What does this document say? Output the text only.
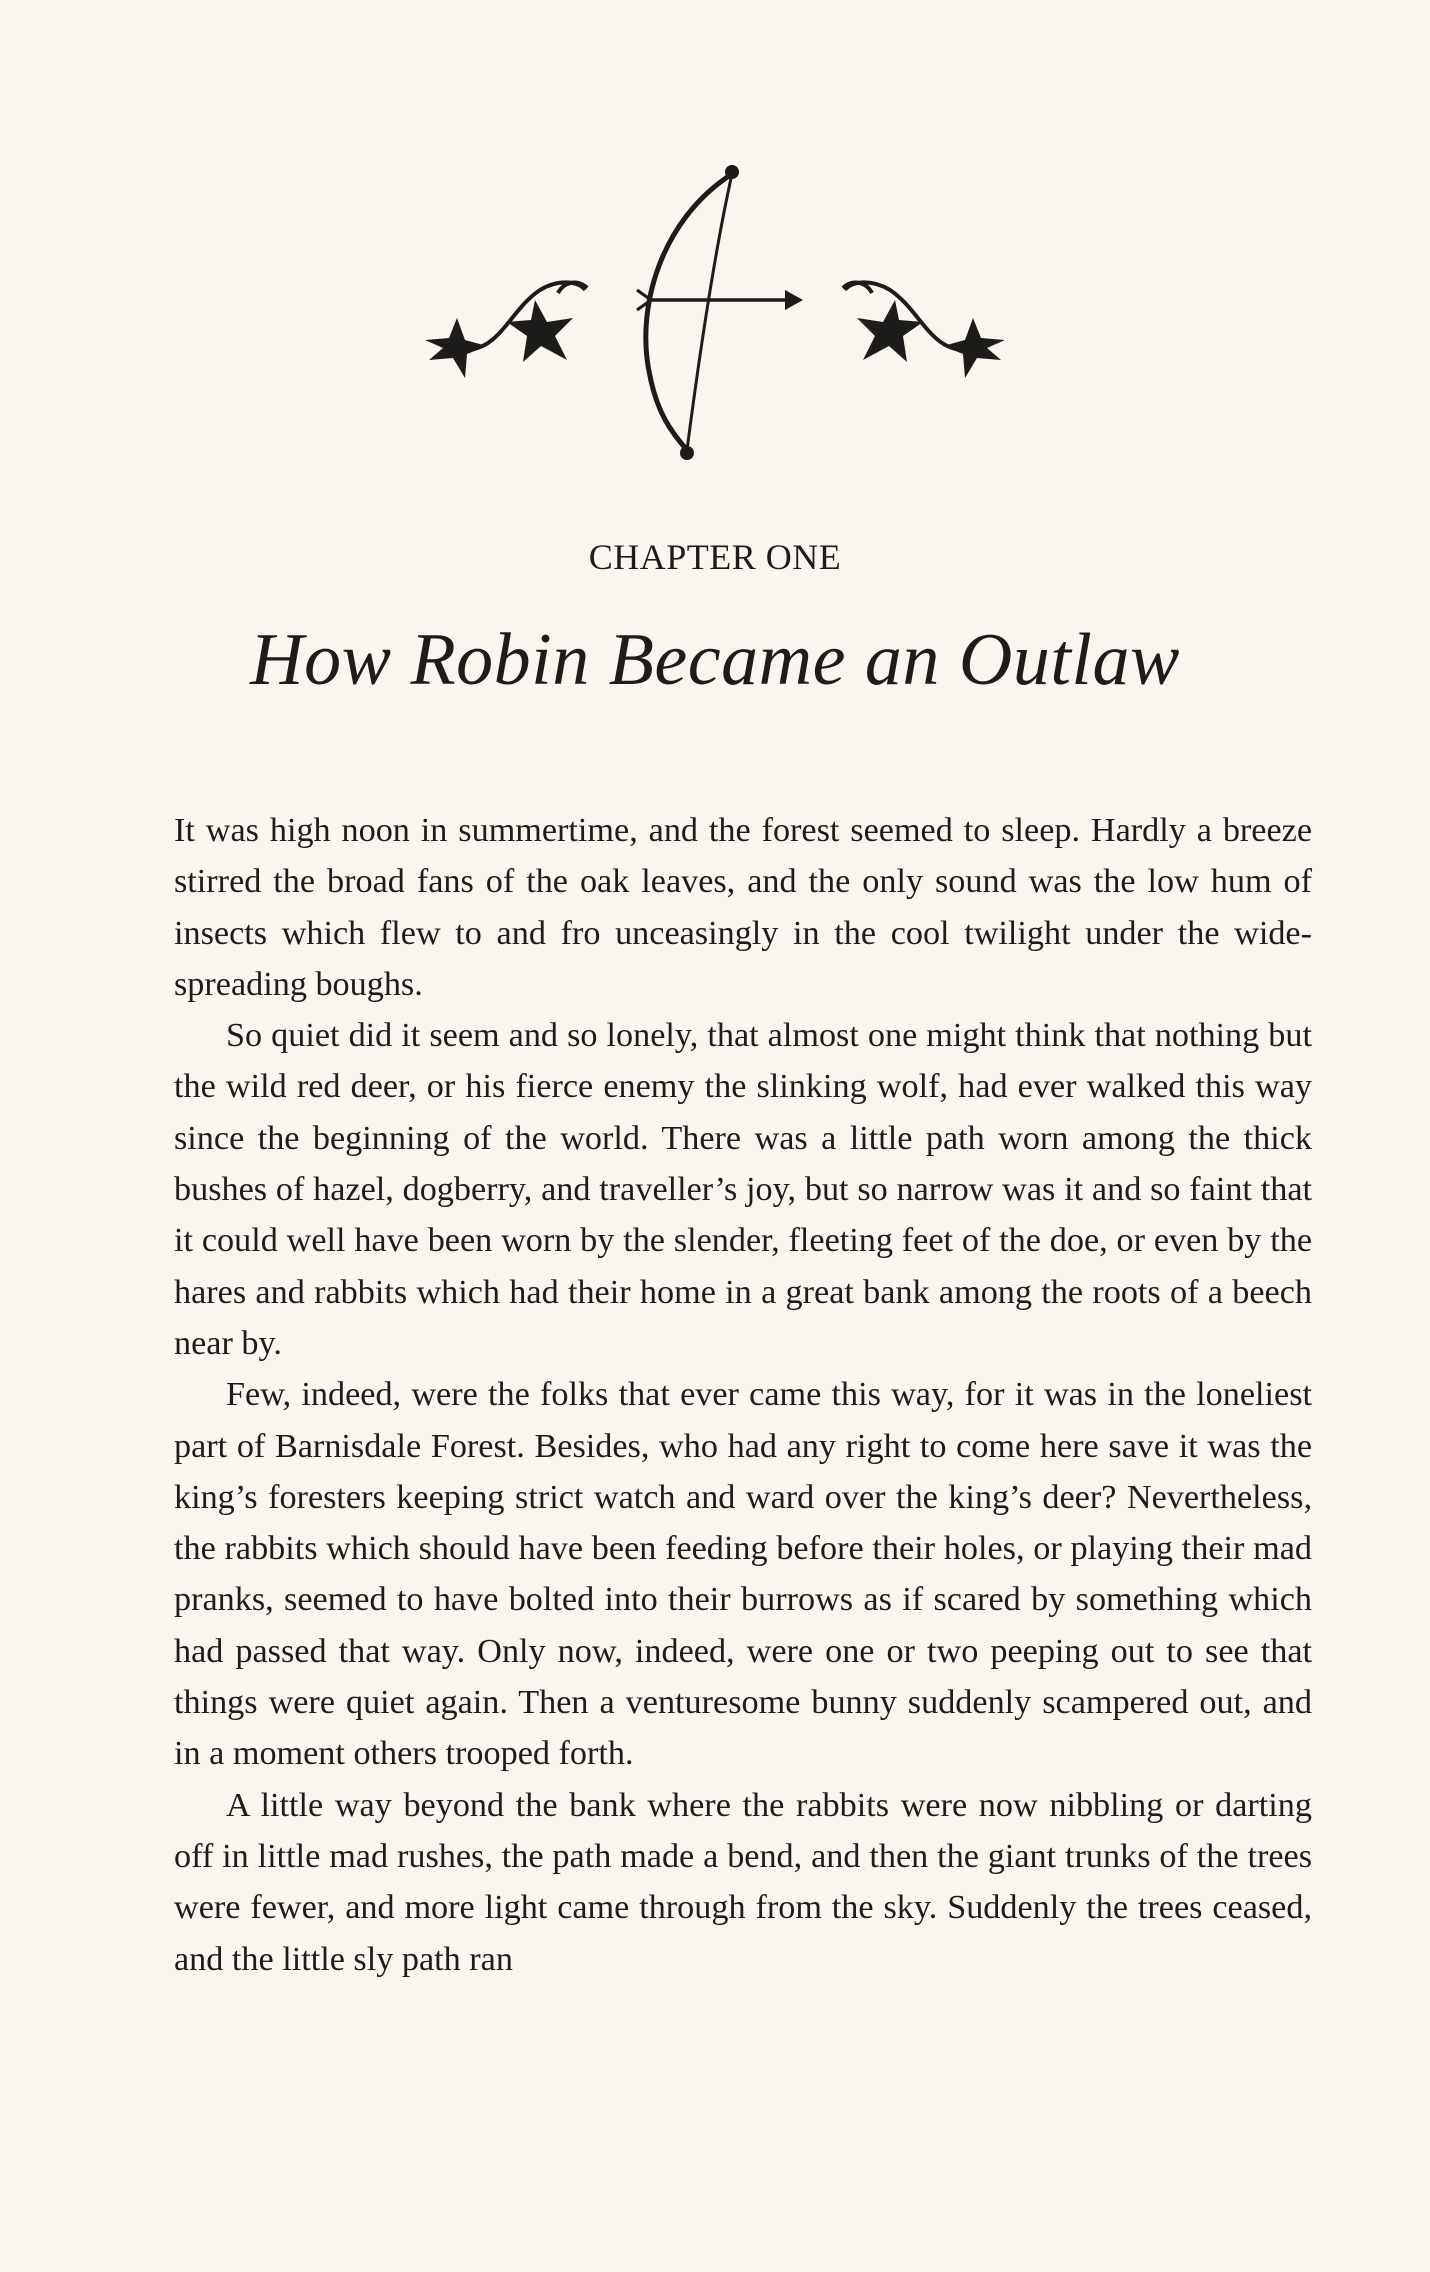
CHAPTER ONE
How Robin Became an Outlaw

It was high noon in summertime, and the forest seemed to sleep. Hardly a breeze stirred the broad fans of the oak leaves, and the only sound was the low hum of insects which flew to and fro unceasingly in the cool twilight under the wide-spreading boughs.

So quiet did it seem and so lonely, that almost one might think that nothing but the wild red deer, or his fierce enemy the slinking wolf, had ever walked this way since the beginning of the world. There was a little path worn among the thick bushes of hazel, dogberry, and traveller’s joy, but so narrow was it and so faint that it could well have been worn by the slender, fleeting feet of the doe, or even by the hares and rabbits which had their home in a great bank among the roots of a beech near by.

Few, indeed, were the folks that ever came this way, for it was in the loneliest part of Barnisdale Forest. Besides, who had any right to come here save it was the king’s foresters keeping strict watch and ward over the king’s deer? Nevertheless, the rabbits which should have been feeding before their holes, or playing their mad pranks, seemed to have bolted into their burrows as if scared by something which had passed that way. Only now, indeed, were one or two peeping out to see that things were quiet again. Then a venturesome bunny suddenly scampered out, and in a moment others trooped forth.

A little way beyond the bank where the rabbits were now nibbling or darting off in little mad rushes, the path made a bend, and then the giant trunks of the trees were fewer, and more light came through from the sky. Suddenly the trees ceased, and the little sly path ran
